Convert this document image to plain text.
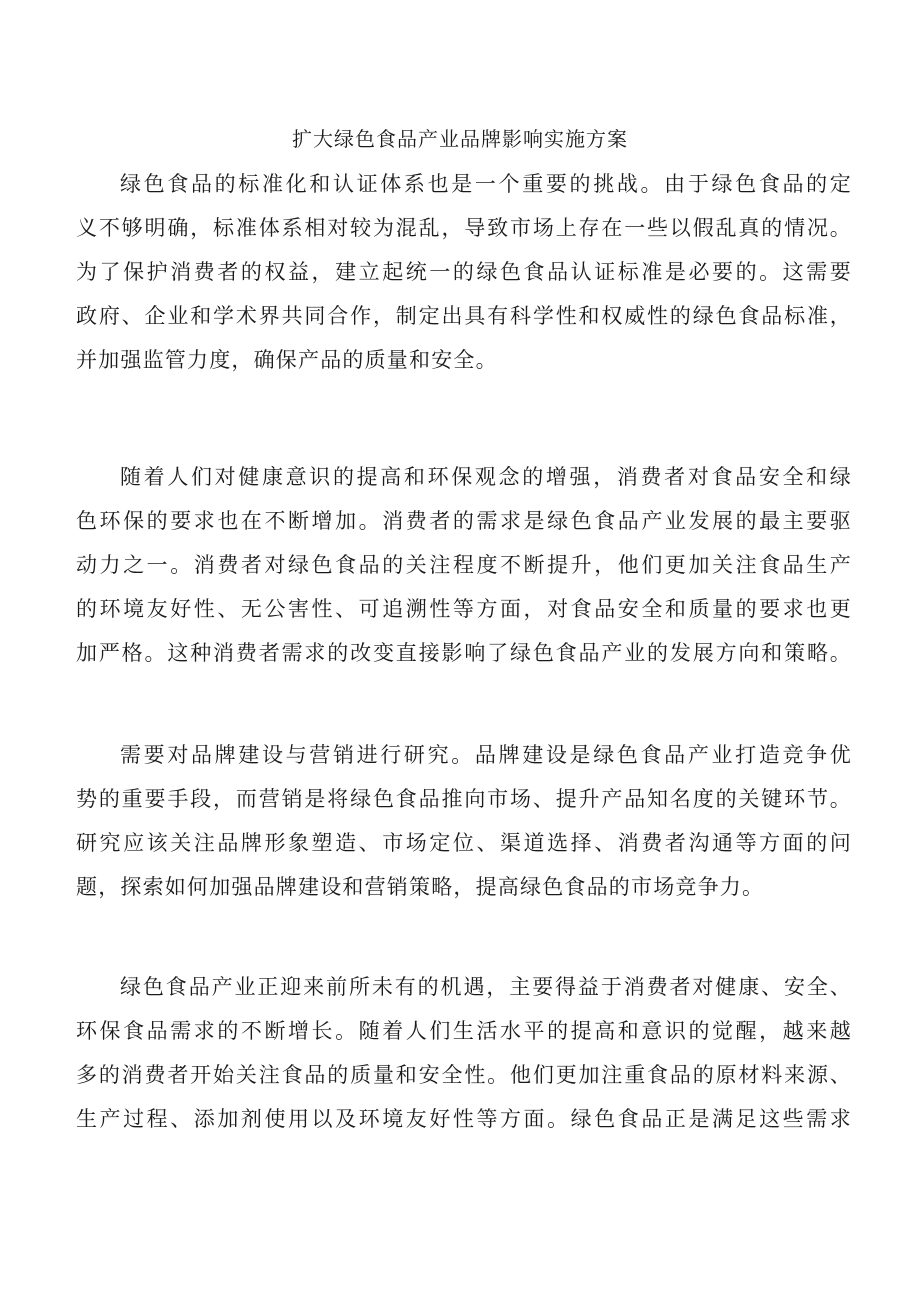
扩大绿色食品产业品牌影响实施方案
绿色食品的标准化和认证体系也是一个重要的挑战。由于绿色食品的定
义不够明确，标准体系相对较为混乱，导致市场上存在一些以假乱真的情况。
为了保护消费者的权益，建立起统一的绿色食品认证标准是必要的。这需要
政府、企业和学术界共同合作，制定出具有科学性和权威性的绿色食品标准，
并加强监管力度，确保产品的质量和安全。
随着人们对健康意识的提高和环保观念的增强，消费者对食品安全和绿
色环保的要求也在不断增加。消费者的需求是绿色食品产业发展的最主要驱
动力之一。消费者对绿色食品的关注程度不断提升，他们更加关注食品生产
的环境友好性、无公害性、可追溯性等方面，对食品安全和质量的要求也更
加严格。这种消费者需求的改变直接影响了绿色食品产业的发展方向和策略。
需要对品牌建设与营销进行研究。品牌建设是绿色食品产业打造竞争优
势的重要手段，而营销是将绿色食品推向市场、提升产品知名度的关键环节。
研究应该关注品牌形象塑造、市场定位、渠道选择、消费者沟通等方面的问
题，探索如何加强品牌建设和营销策略，提高绿色食品的市场竞争力。
绿色食品产业正迎来前所未有的机遇，主要得益于消费者对健康、安全、
环保食品需求的不断增长。随着人们生活水平的提高和意识的觉醒，越来越
多的消费者开始关注食品的质量和安全性。他们更加注重食品的原材料来源、
生产过程、添加剂使用以及环境友好性等方面。绿色食品正是满足这些需求
